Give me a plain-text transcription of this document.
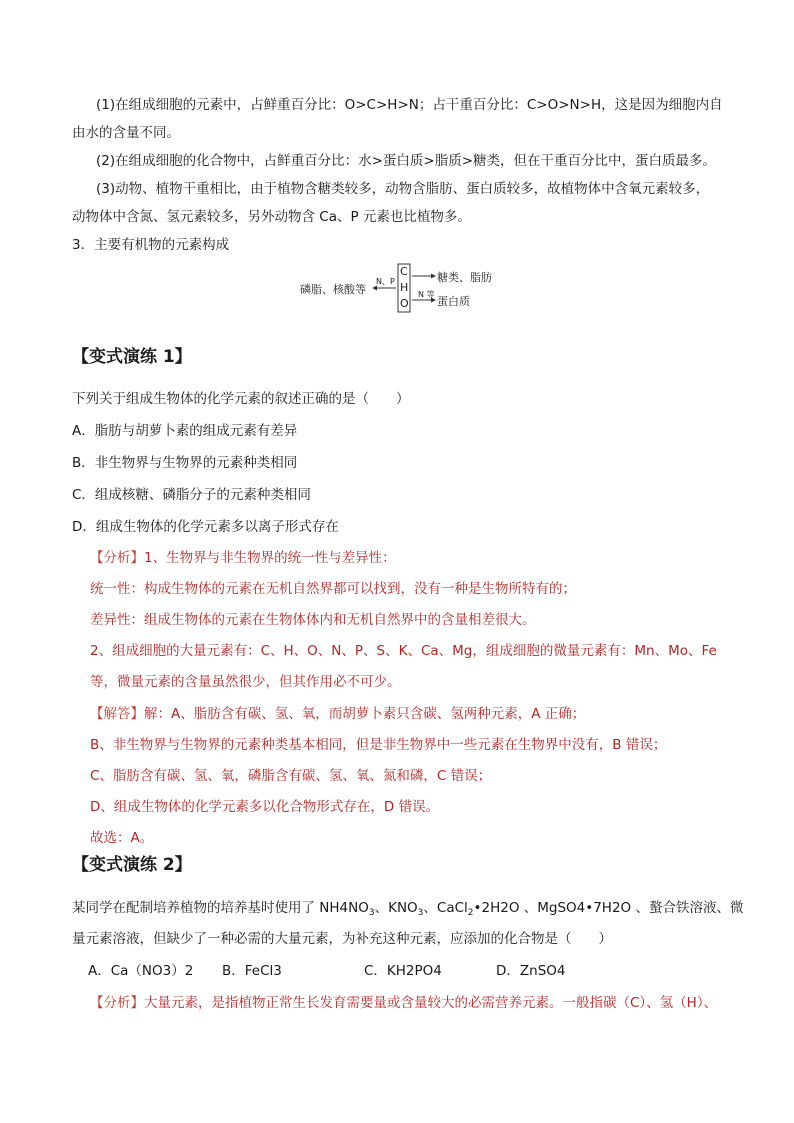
(1)在组成细胞的元素中，占鲜重百分比：O>C>H>N；占干重百分比：C>O>N>H，这是因为细胞内自
由水的含量不同。
(2)在组成细胞的化合物中，占鲜重百分比：水>蛋白质>脂质>糖类，但在干重百分比中，蛋白质最多。
(3)动物、植物干重相比，由于植物含糖类较多，动物含脂肪、蛋白质较多，故植物体中含氧元素较多，
动物体中含氮、氢元素较多，另外动物含 Ca、P 元素也比植物多。
3．主要有机物的元素构成
磷脂、核酸等
N、P
C
H
O
糖类、脂肪
N 等
蛋白质
【变式演练 1】
下列关于组成生物体的化学元素的叙述正确的是（　　）
A．脂肪与胡萝卜素的组成元素有差异
B．非生物界与生物界的元素种类相同
C．组成核糖、磷脂分子的元素种类相同
D．组成生物体的化学元素多以离子形式存在
【分析】1、生物界与非生物界的统一性与差异性：
统一性：构成生物体的元素在无机自然界都可以找到，没有一种是生物所特有的；
差异性：组成生物体的元素在生物体体内和无机自然界中的含量相差很大。
2、组成细胞的大量元素有：C、H、O、N、P、S、K、Ca、Mg，组成细胞的微量元素有：Mn、Mo、Fe
等，微量元素的含量虽然很少，但其作用必不可少。
【解答】解：A、脂肪含有碳、氢、氧，而胡萝卜素只含碳、氢两种元素，A 正确；
B、非生物界与生物界的元素种类基本相同，但是非生物界中一些元素在生物界中没有，B 错误；
C、脂肪含有碳、氢、氧，磷脂含有碳、氢、氧、氮和磷，C 错误；
D、组成生物体的化学元素多以化合物形式存在，D 错误。
故选：A。
【变式演练 2】
某同学在配制培养植物的培养基时使用了 $NH4NO_3$、$KNO_3$、CaCl$_2$•2H2O 、MgSO4•7H2O 、螯合铁溶液、微
量元素溶液，但缺少了一种必需的大量元素，为补充这种元素，应添加的化合物是（　　）
A．Ca（NO3）2 B．FeCl3	C．KH2PO4	D．ZnSO4
【分析】大量元素，是指植物正常生长发育需要量或含量较大的必需营养元素。一般指碳（C）、氢（H）、
